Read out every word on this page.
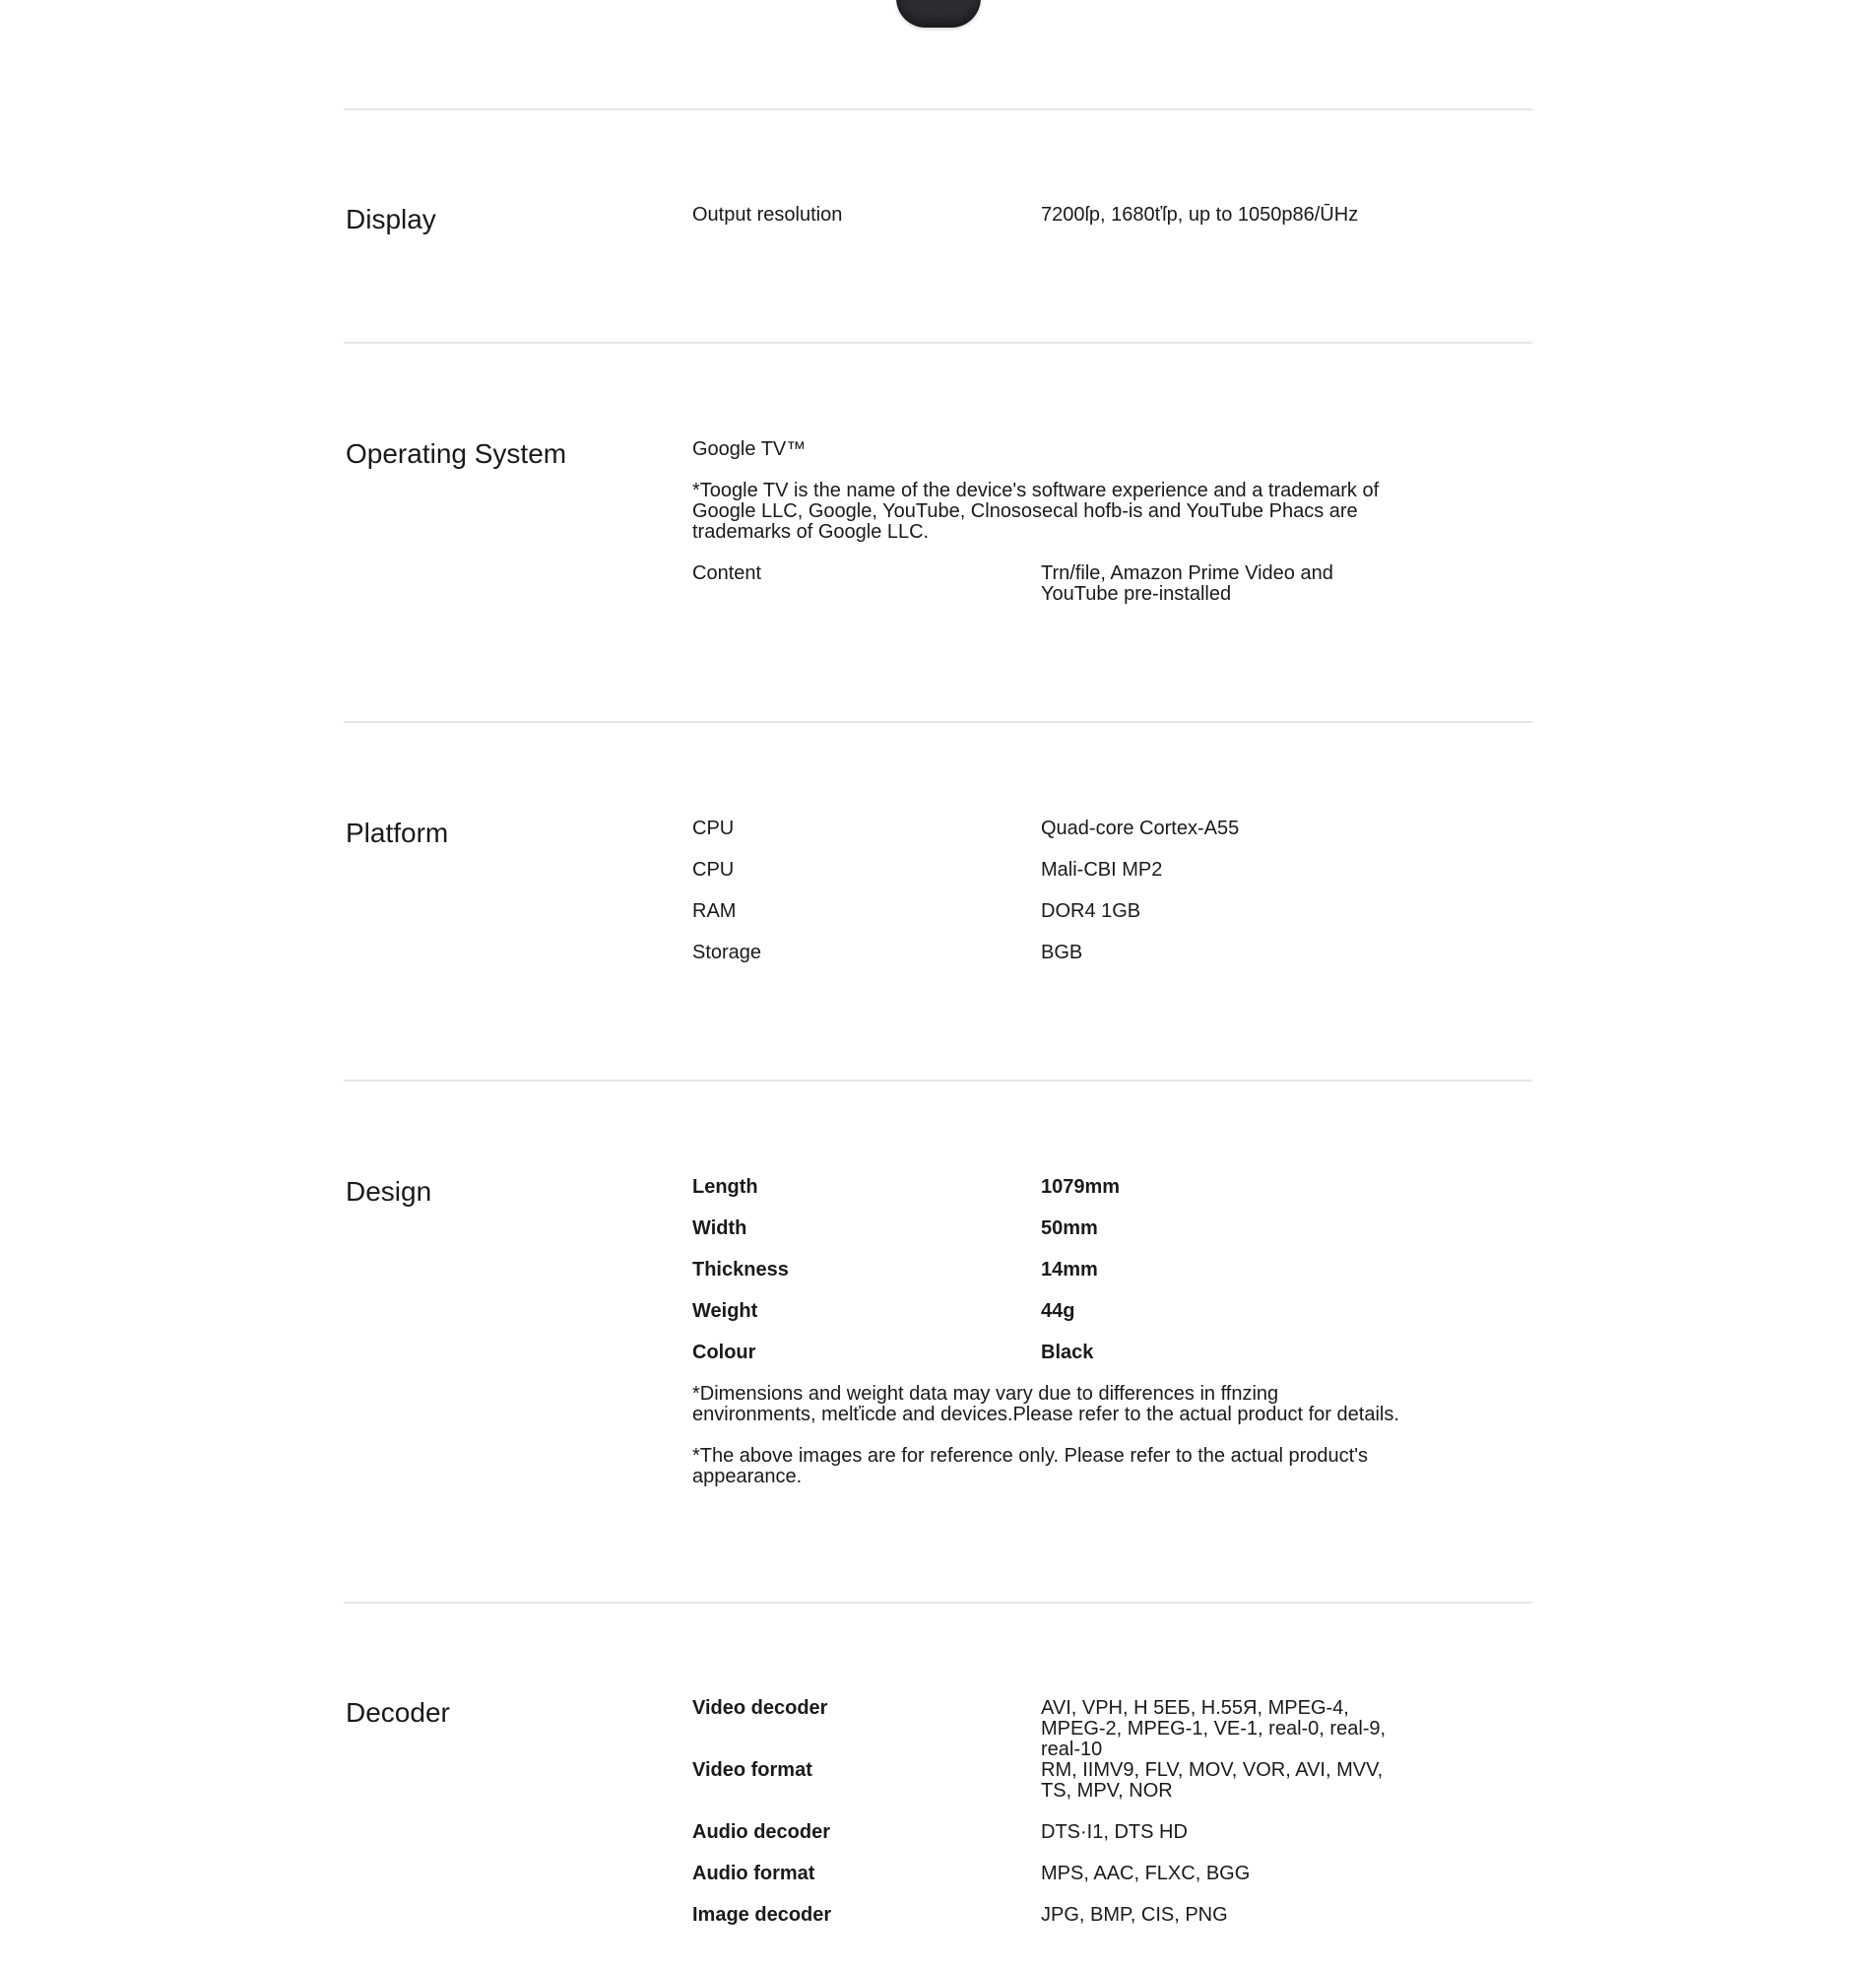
Display	Output resolution	7200ſp, 1680ťſp, up to 1050p86/ŪHz
Operating System	Google TV™
*Toogle TV is the name of the device's software experience and a trademark of Google LLC, Google, YouTube, Clnososecal hofb-is and YouTube Phacs are trademarks of Google LLC.
Content	Trn/file, Amazon Prime Video and YouTube pre-installed
Platform	CPU	Quad-core Cortex-A55
CPU	Mali-CBI MP2
RAM	DOR4 1GB
Storage	BGB
Design	Length	1079mm
Width	50mm
Thickness	14mm
Weight	44g
Colour	Black
*Dimensions and weight data may vary due to differences in ffnzing environments, melťicde and devices.Please refer to the actual product for details.
*The above images are for reference only. Please refer to the actual product's appearance.
Decoder	Video decoder	AVI, VPH, H 5ЕБ, H.55Я, MPEG-4, MPEG-2, MPEG-1, VE-1, real-0, real-9, real-10
Video format	RM, IIMV9, FLV, MOV, VOR, AVI, MVV, TS, MPV, NOR
Audio decoder	DTS·I1, DTS HD
Audio format	MPS, AAC, FLXC, BGG
Image decoder	JPG, BMP, CIS, PNG
